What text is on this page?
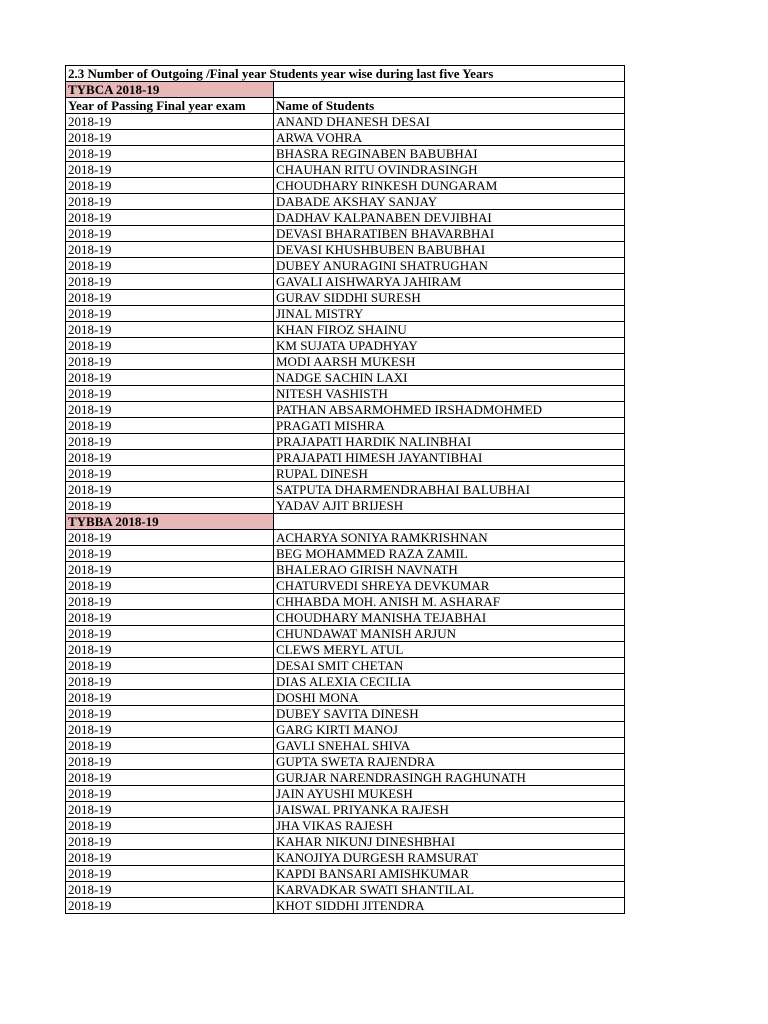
2.3 Number of Outgoing /Final year Students year wise during last five Years	
TYBCA 2018-19	
Year of Passing Final year exam	Name of Students
2018-19	ANAND DHANESH DESAI
2018-19	ARWA VOHRA
2018-19	BHASRA REGINABEN BABUBHAI
2018-19	CHAUHAN RITU OVINDRASINGH
2018-19	CHOUDHARY RINKESH DUNGARAM
2018-19	DABADE AKSHAY SANJAY
2018-19	DADHAV KALPANABEN DEVJIBHAI
2018-19	DEVASI BHARATIBEN BHAVARBHAI
2018-19	DEVASI KHUSHBUBEN BABUBHAI
2018-19	DUBEY ANURAGINI SHATRUGHAN
2018-19	GAVALI AISHWARYA JAHIRAM
2018-19	GURAV SIDDHI SURESH
2018-19	JINAL MISTRY
2018-19	KHAN FIROZ SHAINU
2018-19	KM SUJATA UPADHYAY
2018-19	MODI AARSH MUKESH
2018-19	NADGE SACHIN LAXI
2018-19	NITESH VASHISTH
2018-19	PATHAN ABSARMOHMED IRSHADMOHMED
2018-19	PRAGATI MISHRA
2018-19	PRAJAPATI HARDIK NALINBHAI
2018-19	PRAJAPATI HIMESH JAYANTIBHAI
2018-19	RUPAL DINESH
2018-19	SATPUTA DHARMENDRABHAI BALUBHAI
2018-19	YADAV AJIT BRIJESH
TYBBA 2018-19	
2018-19	ACHARYA SONIYA RAMKRISHNAN
2018-19	BEG MOHAMMED RAZA ZAMIL
2018-19	BHALERAO GIRISH NAVNATH
2018-19	CHATURVEDI SHREYA DEVKUMAR
2018-19	CHHABDA MOH. ANISH M. ASHARAF
2018-19	CHOUDHARY MANISHA TEJABHAI
2018-19	CHUNDAWAT MANISH ARJUN
2018-19	CLEWS MERYL ATUL
2018-19	DESAI SMIT CHETAN
2018-19	DIAS ALEXIA CECILIA
2018-19	DOSHI MONA
2018-19	DUBEY SAVITA DINESH
2018-19	GARG KIRTI MANOJ
2018-19	GAVLI SNEHAL SHIVA
2018-19	GUPTA SWETA RAJENDRA
2018-19	GURJAR NARENDRASINGH RAGHUNATH
2018-19	JAIN AYUSHI MUKESH
2018-19	JAISWAL PRIYANKA RAJESH
2018-19	JHA VIKAS RAJESH
2018-19	KAHAR NIKUNJ DINESHBHAI
2018-19	KANOJIYA DURGESH RAMSURAT
2018-19	KAPDI BANSARI AMISHKUMAR
2018-19	KARVADKAR SWATI SHANTILAL
2018-19	KHOT SIDDHI JITENDRA
